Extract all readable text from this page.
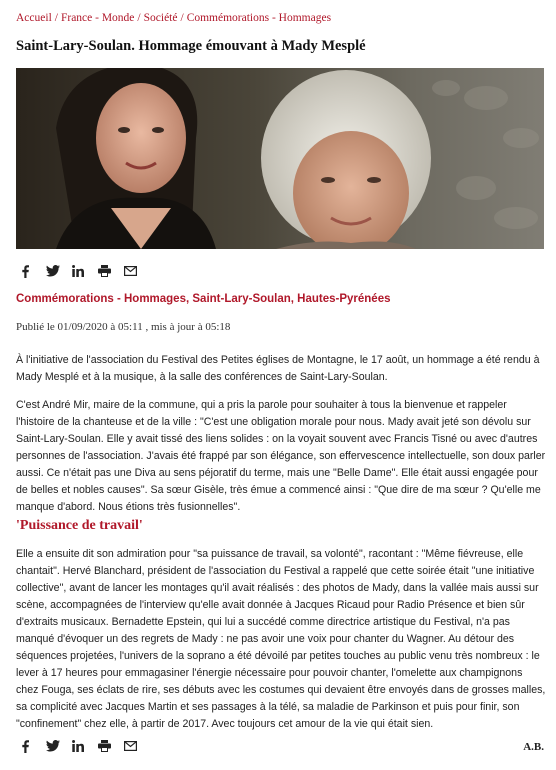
Accueil / France - Monde / Société / Commémorations - Hommages
Saint-Lary-Soulan. Hommage émouvant à Mady Mesplé
Commémorations - Hommages, Saint-Lary-Soulan, Hautes-Pyrénées
Publié le 01/09/2020 à 05:11 , mis à jour à 05:18

À l'initiative de l'association du Festival des Petites églises de Montagne, le 17 août, un hommage a été rendu à Mady Mesplé et à la musique, à la salle des conférences de Saint-Lary-Soulan.

C'est André Mir, maire de la commune, qui a pris la parole pour souhaiter à tous la bienvenue et rappeler l'histoire de la chanteuse et de la ville : "C'est une obligation morale pour nous. Mady avait jeté son dévolu sur Saint-Lary-Soulan. Elle y avait tissé des liens solides : on la voyait souvent avec Francis Tisné ou avec d'autres personnes de l'association. J'avais été frappé par son élégance, son effervescence intellectuelle, son doux parler aussi. Ce n'était pas une Diva au sens péjoratif du terme, mais une "Belle Dame". Elle était aussi engagée pour de belles et nobles causes". Sa sœur Gisèle, très émue a commencé ainsi : "Que dire de ma sœur ? Qu'elle me manque d'abord. Nous étions très fusionnelles".

'Puissance de travail'

Elle a ensuite dit son admiration pour "sa puissance de travail, sa volonté", racontant : "Même fiévreuse, elle chantait". Hervé Blanchard, président de l'association du Festival a rappelé que cette soirée était "une initiative collective", avant de lancer les montages qu'il avait réalisés : des photos de Mady, dans la vallée mais aussi sur scène, accompagnées de l'interview qu'elle avait donnée à Jacques Ricaud pour Radio Présence et bien sûr d'extraits musicaux. Bernadette Epstein, qui lui a succédé comme directrice artistique du Festival, n'a pas manqué d'évoquer un des regrets de Mady : ne pas avoir une voix pour chanter du Wagner. Au détour des séquences projetées, l'univers de la soprano a été dévoilé par petites touches au public venu très nombreux : le lever à 17 heures pour emmagasiner l'énergie nécessaire pour pouvoir chanter, l'omelette aux champignons chez Fouga, ses éclats de rire, ses débuts avec les costumes qui devaient être envoyés dans de grosses malles, sa complicité avec Jacques Martin et ses passages à la télé, sa maladie de Parkinson et puis pour finir, son "confinement" chez elle, à partir de 2017. Avec toujours cet amour de la vie qui était sien.

A.B.
